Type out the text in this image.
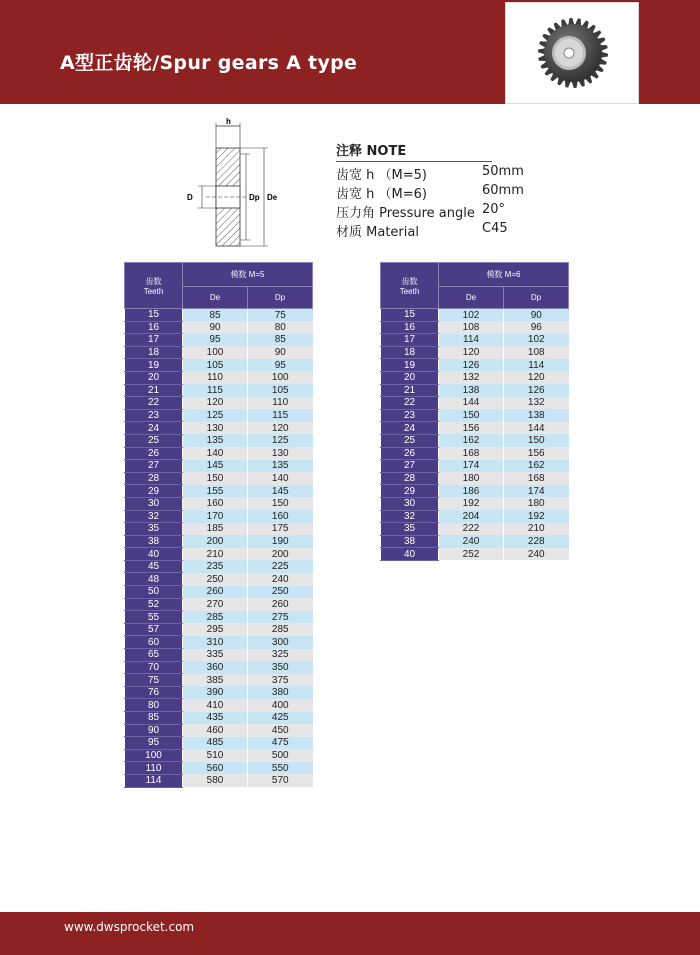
A型正齿轮/Spur gears A type
h
D	Dp De
注释 NOTE
齿宽 h （M=5)	50mm
齿宽 h （M=6)	60mm
压力角 Pressure angle 20°
材质 Material	C45
齿数
Teeth	模数 M=5	
	De	Dp
15	85	75
16	90	80
17	95	85
18	100	90
19	105	95
20	110	100
21	115	105
22	120	110
23	125	115
24	130	120
25	135	125
26	140	130
27	145	135
28	150	140
29	155	145
30	160	150
32	170	160
35	185	175
38	200	190
40	210	200
45	235	225
48	250	240
50	260	250
52	270	260
55	285	275
57	295	285
60	310	300
65	335	325
70	360	350
75	385	375
76	390	380
80	410	400
85	435	425
90	460	450
95	485	475
100	510	500
110	560	550
114	580	570
齿数
Teeth	模数 M=6	
	De	Dp
15	102	90
16	108	96
17	114	102
18	120	108
19	126	114
20	132	120
21	138	126
22	144	132
23	150	138
24	156	144
25	162	150
26	168	156
27	174	162
28	180	168
29	186	174
30	192	180
32	204	192
35	222	210
38	240	228
40	252	240
www.dwsprocket.com
